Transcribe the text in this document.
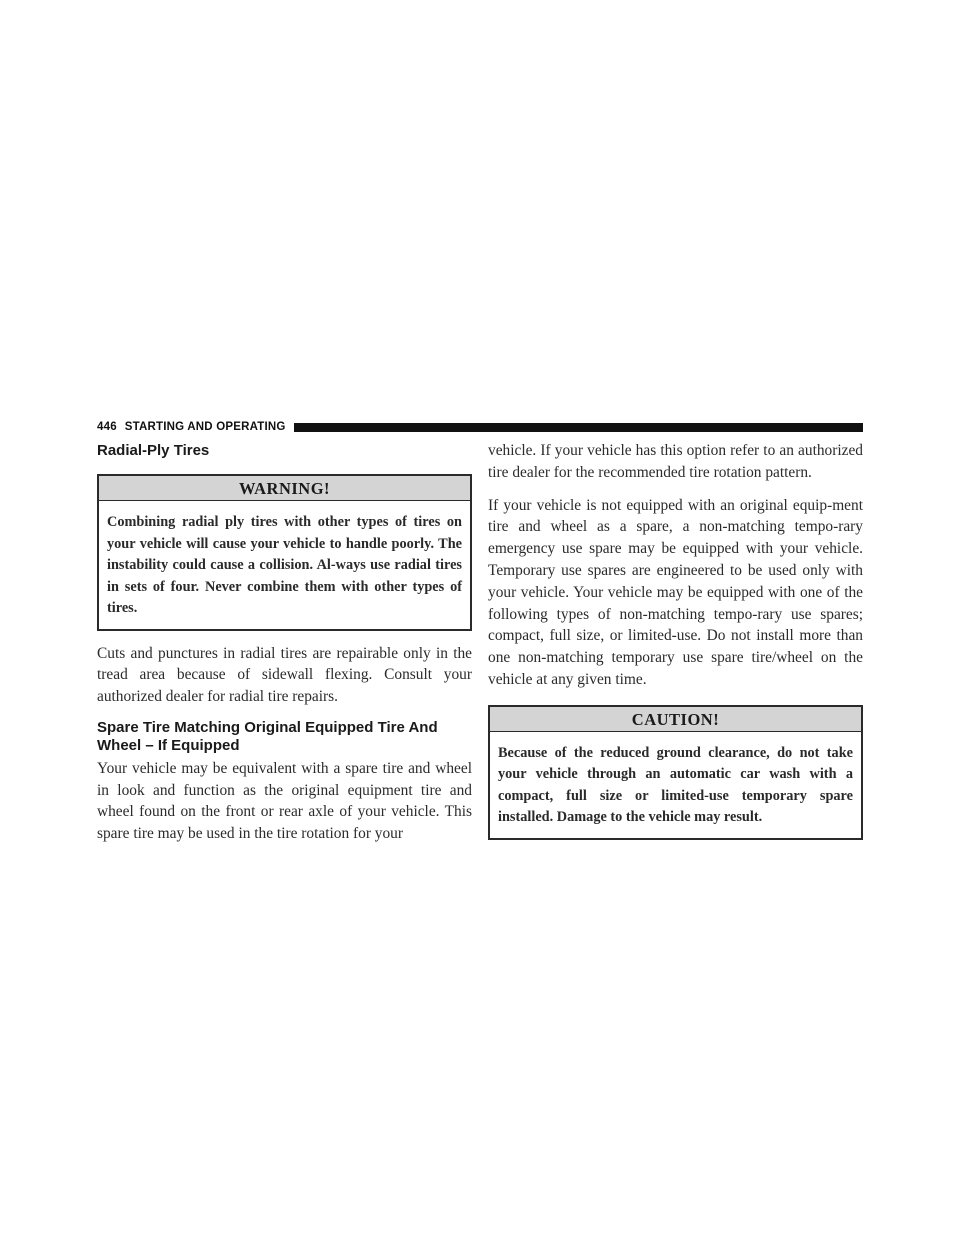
446 STARTING AND OPERATING
Radial-Ply Tires
WARNING!
Combining radial ply tires with other types of tires on your vehicle will cause your vehicle to handle poorly. The instability could cause a collision. Al-ways use radial tires in sets of four. Never combine them with other types of tires.

Cuts and punctures in radial tires are repairable only in the tread area because of sidewall flexing. Consult your authorized dealer for radial tire repairs.

Spare Tire Matching Original Equipped Tire And Wheel – If Equipped

Your vehicle may be equivalent with a spare tire and wheel in look and function as the original equipment tire and wheel found on the front or rear axle of your vehicle. This spare tire may be used in the tire rotation for your

vehicle. If your vehicle has this option refer to an authorized tire dealer for the recommended tire rotation pattern.

If your vehicle is not equipped with an original equip-ment tire and wheel as a spare, a non-matching tempo-rary emergency use spare may be equipped with your vehicle. Temporary use spares are engineered to be used only with your vehicle. Your vehicle may be equipped with one of the following types of non-matching tempo-rary use spares; compact, full size, or limited-use. Do not install more than one non-matching temporary use spare tire/wheel on the vehicle at any given time.

CAUTION!
Because of the reduced ground clearance, do not take your vehicle through an automatic car wash with a compact, full size or limited-use temporary spare installed. Damage to the vehicle may result.
